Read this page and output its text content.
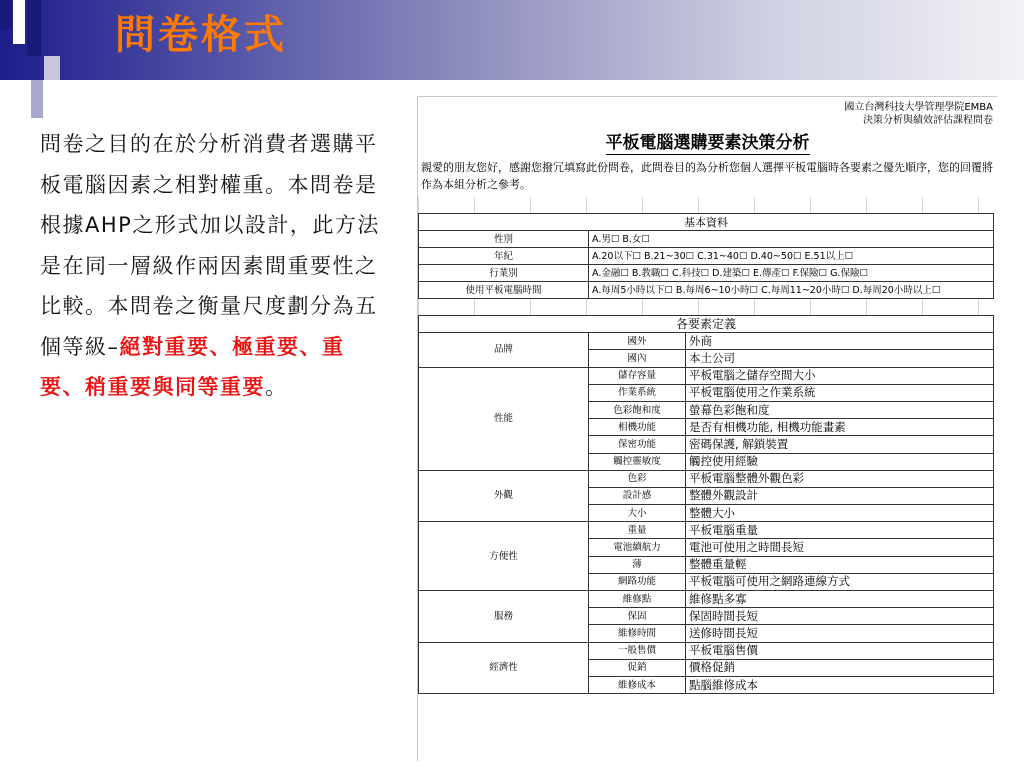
問卷格式
問卷之目的在於分析消費者選購平板電腦因素之相對權重。本問卷是根據AHP之形式加以設計，此方法是在同一層級作兩因素間重要性之比較。本問卷之衡量尺度劃分為五個等級–絕對重要、極重要、重要、稍重要與同等重要。
國立台灣科技大學管理學院EMBA
決策分析與績效評估課程問卷
平板電腦選購要素決策分析
親愛的朋友您好，感謝您撥冗填寫此份問卷，此問卷目的為分析您個人選擇平板電腦時各要素之優先順序，您的回覆將作為本組分析之參考。
基本資料	
性別	A.男☐ B.女☐
年紀	A.20以下☐ B.21~30☐ C.31~40☐ D.40~50☐ E.51以上☐
行業別	A.金融☐ B.教職☐ C.科技☐ D.建築☐ E.傳產☐ F.保險☐ G.保險☐
使用平板電腦時間	A.每周5小時以下☐ B.每周6~10小時☐ C.每周11~20小時☐ D.每周20小時以上☐
各要素定義		
品牌	國外	外商
	國內	本土公司
性能	儲存容量	平板電腦之儲存空間大小
	作業系統	平板電腦使用之作業系統
	色彩飽和度	螢幕色彩飽和度
	相機功能	是否有相機功能, 相機功能畫素
	保密功能	密碼保護, 解鎖裝置
	觸控靈敏度	觸控使用經驗
外觀	色彩	平板電腦整體外觀色彩
	設計感	整體外觀設計
	大小	整體大小
方便性	重量	平板電腦重量
	電池續航力	電池可使用之時間長短
	薄	整體重量輕
	網路功能	平板電腦可使用之網路連線方式
服務	維修點	維修點多寡
	保固	保固時間長短
	維修時間	送修時間長短
經濟性	一般售價	平板電腦售價
	促銷	價格促銷
	維修成本	點腦維修成本
